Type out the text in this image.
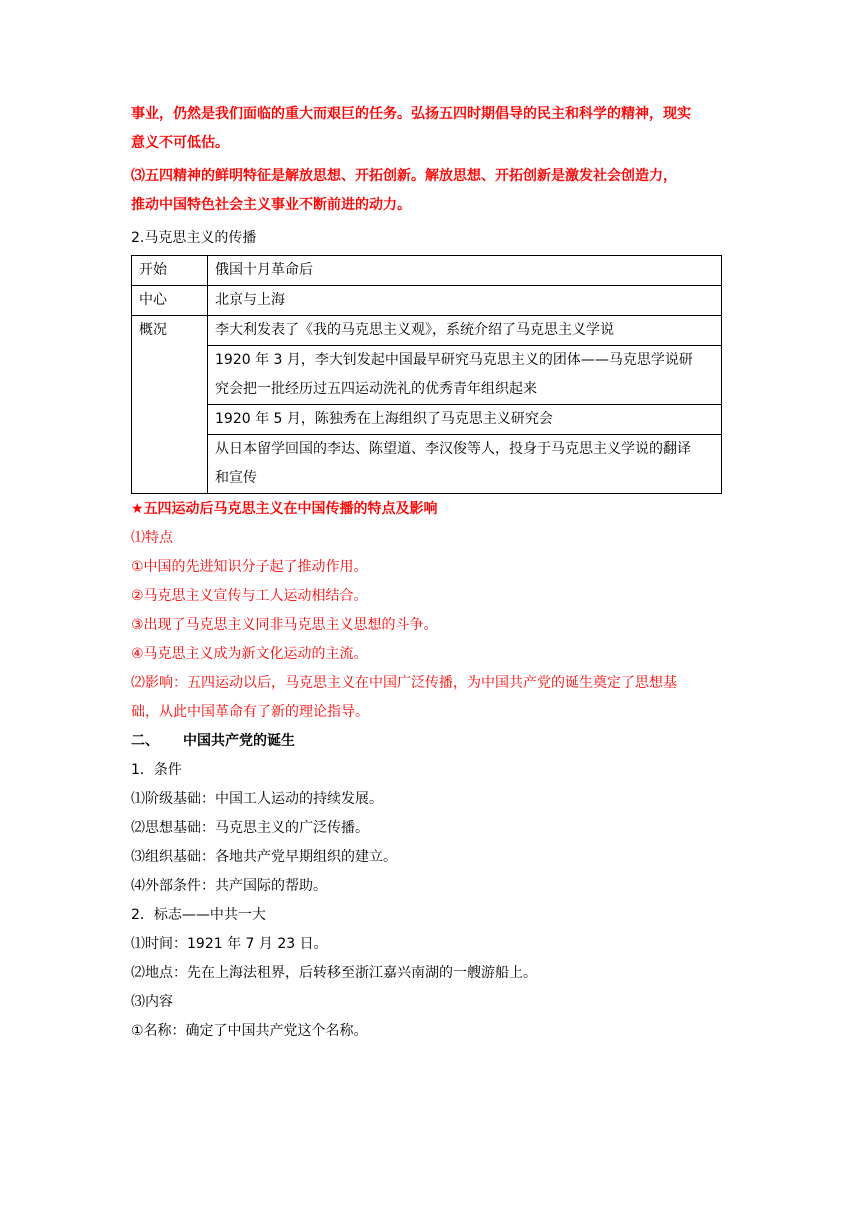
事业，仍然是我们面临的重大而艰巨的任务。弘扬五四时期倡导的民主和科学的精神，现实
意义不可低估。
⑶五四精神的鲜明特征是解放思想、开拓创新。解放思想、开拓创新是激发社会创造力，
推动中国特色社会主义事业不断前进的动力。
2.马克思主义的传播
开始	俄国十月革命后
中心	北京与上海
概况	李大利发表了《我的马克思主义观》，系统介绍了马克思主义学说

	1920 年 3 月，李大钊发起中国最早研究马克思主义的团体——马克思学说研
究会把一批经历过五四运动洗礼的优秀青年组织起来

	1920 年 5 月，陈独秀在上海组织了马克思主义研究会

	从日本留学回国的李达、陈望道、李汉俊等人，投身于马克思主义学说的翻译
和宣传
★五四运动后马克思主义在中国传播的特点及影响
⑴特点
①中国的先进知识分子起了推动作用。
②马克思主义宣传与工人运动相结合。
③出现了马克思主义同非马克思主义思想的斗争。
④马克思主义成为新文化运动的主流。
⑵影响：五四运动以后，马克思主义在中国广泛传播，为中国共产党的诞生奠定了思想基
础，从此中国革命有了新的理论指导。
二、 中国共产党的诞生
1．条件
⑴阶级基础：中国工人运动的持续发展。
⑵思想基础：马克思主义的广泛传播。
⑶组织基础：各地共产党早期组织的建立。
⑷外部条件：共产国际的帮助。
2．标志——中共一大
⑴时间：1921 年 7 月 23 日。
⑵地点：先在上海法租界，后转移至浙江嘉兴南湖的一艘游船上。
⑶内容
①名称：确定了中国共产党这个名称。
